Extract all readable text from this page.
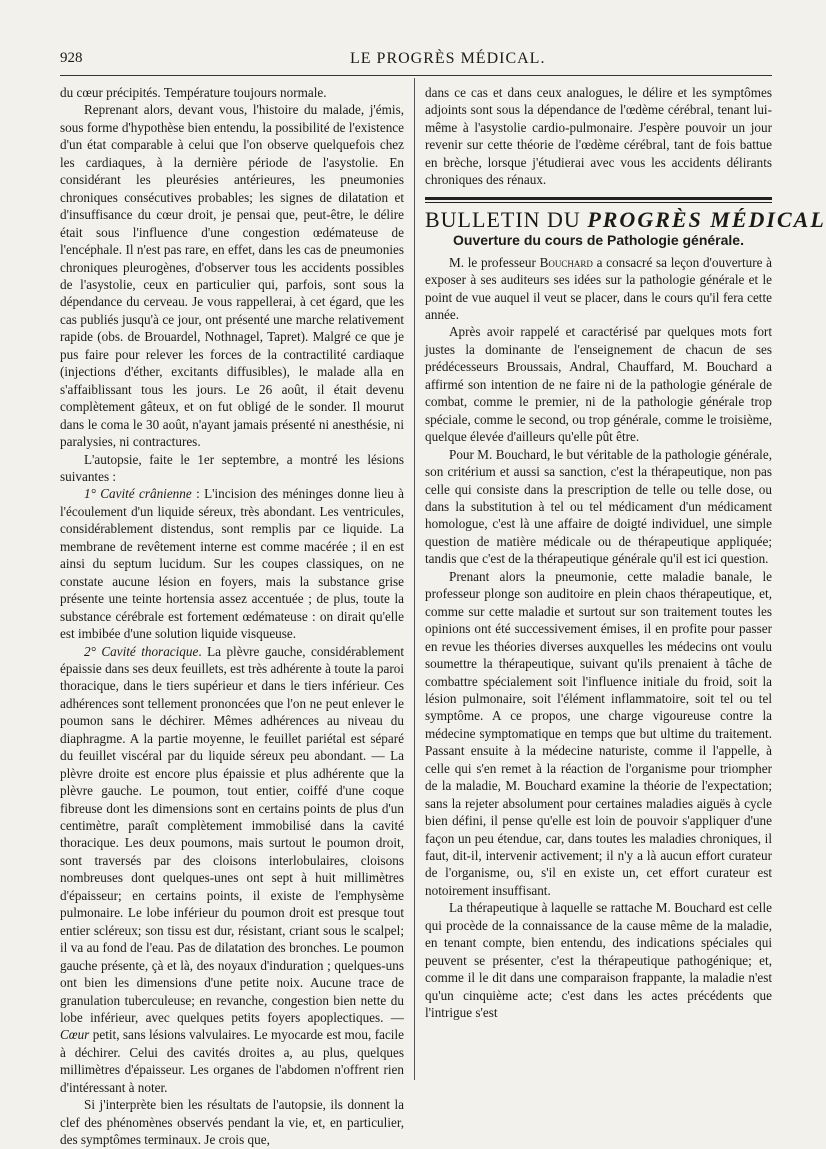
928	LE PROGRÈS MÉDICAL.

du cœur précipités. Température toujours normale.

Reprenant alors, devant vous, l'histoire du malade, j'émis, sous forme d'hypothèse bien entendu, la possibilité de l'existence d'un état comparable à celui que l'on observe quelquefois chez les cardiaques, à la dernière période de l'asystolie. En considérant les pleurésies antérieures, les pneumonies chroniques consécutives probables; les signes de dilatation et d'insuffisance du cœur droit, je pensai que, peut-être, le délire était sous l'influence d'une congestion œdémateuse de l'encéphale. Il n'est pas rare, en effet, dans les cas de pneumonies chroniques pleurogènes, d'observer tous les accidents possibles de l'asystolie, ceux en particulier qui, parfois, sont sous la dépendance du cerveau. Je vous rappellerai, à cet égard, que les cas publiés jusqu'à ce jour, ont présenté une marche relativement rapide (obs. de Brouardel, Nothnagel, Tapret). Malgré ce que je pus faire pour relever les forces de la contractilité cardiaque (injections d'éther, excitants diffusibles), le malade alla en s'affaiblissant tous les jours. Le 26 août, il était devenu complètement gâteux, et on fut obligé de le sonder. Il mourut dans le coma le 30 août, n'ayant jamais présenté ni anesthésie, ni paralysies, ni contractures.

L'autopsie, faite le 1er septembre, a montré les lésions suivantes :

1° Cavité crânienne : L'incision des méninges donne lieu à l'écoulement d'un liquide séreux, très abondant. Les ventricules, considérablement distendus, sont remplis par ce liquide. La membrane de revêtement interne est comme macérée ; il en est ainsi du septum lucidum. Sur les coupes classiques, on ne constate aucune lésion en foyers, mais la substance grise présente une teinte hortensia assez accentuée ; de plus, toute la substance cérébrale est fortement œdémateuse : on dirait qu'elle est imbibée d'une solution liquide visqueuse.

2° Cavité thoracique. La plèvre gauche, considérablement épaissie dans ses deux feuillets, est très adhérente à toute la paroi thoracique, dans le tiers supérieur et dans le tiers inférieur. Ces adhérences sont tellement prononcées que l'on ne peut enlever le poumon sans le déchirer. Mêmes adhérences au niveau du diaphragme. A la partie moyenne, le feuillet pariétal est séparé du feuillet viscéral par du liquide séreux peu abondant. — La plèvre droite est encore plus épaissie et plus adhérente que la plèvre gauche. Le poumon, tout entier, coiffé d'une coque fibreuse dont les dimensions sont en certains points de plus d'un centimètre, paraît complètement immobilisé dans la cavité thoracique. Les deux poumons, mais surtout le poumon droit, sont traversés par des cloisons interlobulaires, cloisons nombreuses dont quelques-unes ont sept à huit millimètres d'épaisseur; en certains points, il existe de l'emphysème pulmonaire. Le lobe inférieur du poumon droit est presque tout entier scléreux; son tissu est dur, résistant, criant sous le scalpel; il va au fond de l'eau. Pas de dilatation des bronches. Le poumon gauche présente, çà et là, des noyaux d'induration ; quelques-uns ont bien les dimensions d'une petite noix. Aucune trace de granulation tuberculeuse; en revanche, congestion bien nette du lobe inférieur, avec quelques petits foyers apoplectiques. — Cœur petit, sans lésions valvulaires. Le myocarde est mou, facile à déchirer. Celui des cavités droites a, au plus, quelques millimètres d'épaisseur. Les organes de l'abdomen n'offrent rien d'intéressant à noter.

Si j'interprète bien les résultats de l'autopsie, ils donnent la clef des phénomènes observés pendant la vie, et, en particulier, des symptômes terminaux. Je crois que,

dans ce cas et dans ceux analogues, le délire et les symptômes adjoints sont sous la dépendance de l'œdème cérébral, tenant lui-même à l'asystolie cardio-pulmonaire. J'espère pouvoir un jour revenir sur cette théorie de l'œdème cérébral, tant de fois battue en brèche, lorsque j'étudierai avec vous les accidents délirants chroniques des rénaux.

BULLETIN DU PROGRÈS MÉDICAL
Ouverture du cours de Pathologie générale.

M. le professeur Bouchard a consacré sa leçon d'ouverture à exposer à ses auditeurs ses idées sur la pathologie générale et le point de vue auquel il veut se placer, dans le cours qu'il fera cette année.

Après avoir rappelé et caractérisé par quelques mots fort justes la dominante de l'enseignement de chacun de ses prédécesseurs Broussais, Andral, Chauffard, M. Bouchard a affirmé son intention de ne faire ni de la pathologie générale de combat, comme le premier, ni de la pathologie générale trop spéciale, comme le second, ou trop générale, comme le troisième, quelque élevée d'ailleurs qu'elle pût être.

Pour M. Bouchard, le but véritable de la pathologie générale, son critérium et aussi sa sanction, c'est la thérapeutique, non pas celle qui consiste dans la prescription de telle ou telle dose, ou dans la substitution à tel ou tel médicament d'un médicament homologue, c'est là une affaire de doigté individuel, une simple question de matière médicale ou de thérapeutique appliquée; tandis que c'est de la thérapeutique générale qu'il est ici question.

Prenant alors la pneumonie, cette maladie banale, le professeur plonge son auditoire en plein chaos thérapeutique, et, comme sur cette maladie et surtout sur son traitement toutes les opinions ont été successivement émises, il en profite pour passer en revue les théories diverses auxquelles les médecins ont voulu soumettre la thérapeutique, suivant qu'ils prenaient à tâche de combattre spécialement soit l'influence initiale du froid, soit la lésion pulmonaire, soit l'élément inflammatoire, soit tel ou tel symptôme. A ce propos, une charge vigoureuse contre la médecine symptomatique en temps que but ultime du traitement. Passant ensuite à la médecine naturiste, comme il l'appelle, à celle qui s'en remet à la réaction de l'organisme pour triompher de la maladie, M. Bouchard examine la théorie de l'expectation; sans la rejeter absolument pour certaines maladies aiguës à cycle bien défini, il pense qu'elle est loin de pouvoir s'appliquer d'une façon un peu étendue, car, dans toutes les maladies chroniques, il faut, dit-il, intervenir activement; il n'y a là aucun effort curateur de l'organisme, ou, s'il en existe un, cet effort curateur est notoirement insuffisant.

La thérapeutique à laquelle se rattache M. Bouchard est celle qui procède de la connaissance de la cause même de la maladie, en tenant compte, bien entendu, des indications spéciales qui peuvent se présenter, c'est la thérapeutique pathogénique; et, comme il le dit dans une comparaison frappante, la maladie n'est qu'un cinquième acte; c'est dans les actes précédents que l'intrigue s'est
